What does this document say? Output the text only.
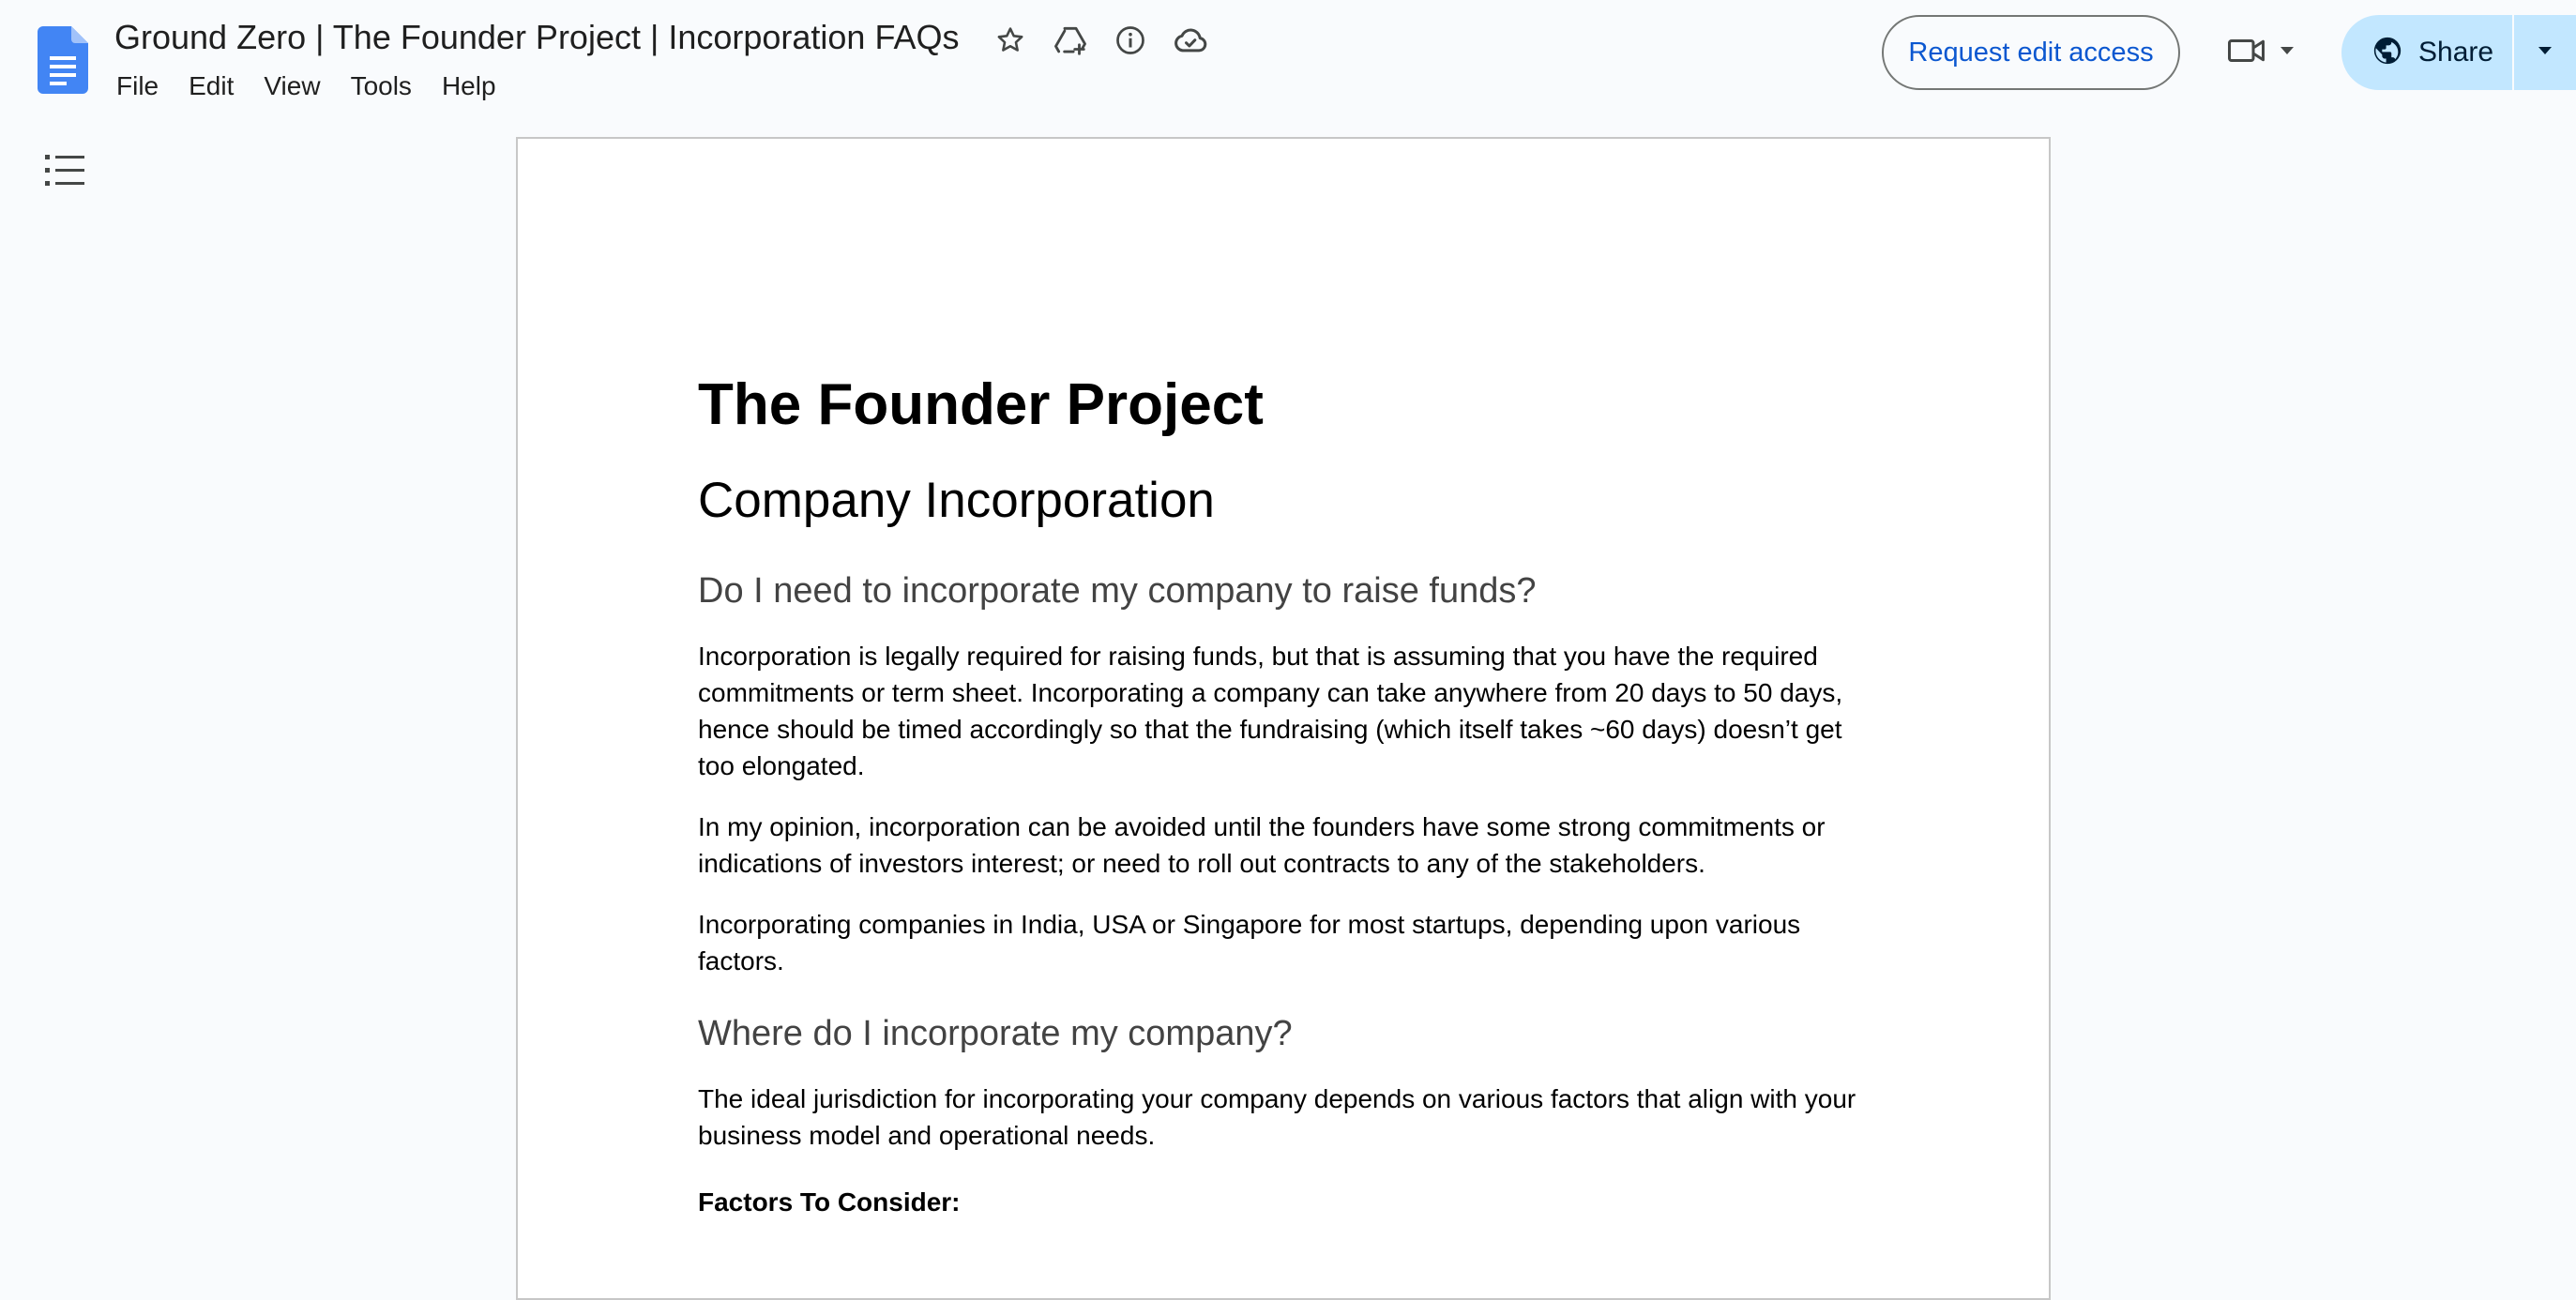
Ground Zero | The Founder Project | Incorporation FAQs
File	Edit	View	Tools	Help
Request edit access	Share
The Founder Project
Company Incorporation
Do I need to incorporate my company to raise funds?

Incorporation is legally required for raising funds, but that is assuming that you have the required commitments or term sheet. Incorporating a company can take anywhere from 20 days to 50 days, hence should be timed accordingly so that the fundraising (which itself takes ~60 days) doesn’t get too elongated.

In my opinion, incorporation can be avoided until the founders have some strong commitments or indications of investors interest; or need to roll out contracts to any of the stakeholders.

Incorporating companies in India, USA or Singapore for most startups, depending upon various factors.

Where do I incorporate my company?

The ideal jurisdiction for incorporating your company depends on various factors that align with your business model and operational needs.

Factors To Consider:
